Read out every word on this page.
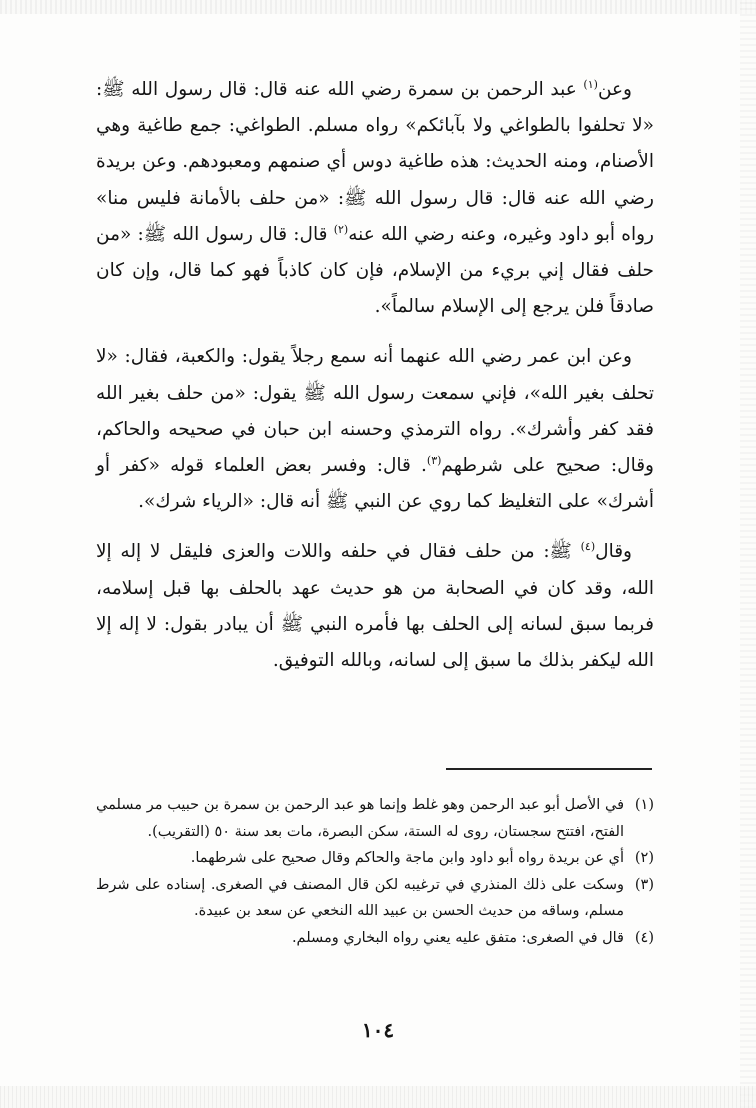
وعن$^{(١)}$ عبد الرحمن بن سمرة رضي الله عنه قال: قال رسول الله ﷺ: «لا تحلفوا بالطواغي ولا بآبائكم» رواه مسلم. الطواغي: جمع طاغية وهي الأصنام، ومنه الحديث: هذه طاغية دوس أي صنمهم ومعبودهم. وعن بريدة رضي الله عنه قال: قال رسول الله ﷺ: «من حلف بالأمانة فليس منا» رواه أبو داود وغيره، وعنه رضي الله عنه$^{(٢)}$ قال: قال رسول الله ﷺ: «من حلف فقال إني بريء من الإسلام، فإن كان كاذباً فهو كما قال، وإن كان صادقاً فلن يرجع إلى الإسلام سالماً».

وعن ابن عمر رضي الله عنهما أنه سمع رجلاً يقول: والكعبة، فقال: «لا تحلف بغير الله»، فإني سمعت رسول الله ﷺ يقول: «من حلف بغير الله فقد كفر وأشرك». رواه الترمذي وحسنه ابن حبان في صحيحه والحاكم، وقال: صحيح على شرطهم$^{(٣)}$. قال: وفسر بعض العلماء قوله «كفر أو أشرك» على التغليظ كما روي عن النبي ﷺ أنه قال: «الرياء شرك».

وقال$^{(٤)}$ ﷺ: من حلف فقال في حلفه واللات والعزى فليقل لا إله إلا الله، وقد كان في الصحابة من هو حديث عهد بالحلف بها قبل إسلامه، فربما سبق لسانه إلى الحلف بها فأمره النبي ﷺ أن يبادر بقول: لا إله إلا الله ليكفر بذلك ما سبق إلى لسانه، وبالله التوفيق.

(١)
في الأصل أبو عبد الرحمن وهو غلط وإنما هو عبد الرحمن بن سمرة بن حبيب مر مسلمي الفتح، افتتح سجستان، روى له الستة، سكن البصرة، مات بعد سنة ٥٠ (التقريب).
(٢)
أي عن بريدة رواه أبو داود وابن ماجة والحاكم وقال صحيح على شرطهما.
(٣)
وسكت على ذلك المنذري في ترغيبه لكن قال المصنف في الصغرى. إسناده على شرط مسلم، وساقه من حديث الحسن بن عبيد الله النخعي عن سعد بن عبيدة.
(٤)
قال في الصغرى: متفق عليه يعني رواه البخاري ومسلم.
١٠٤
